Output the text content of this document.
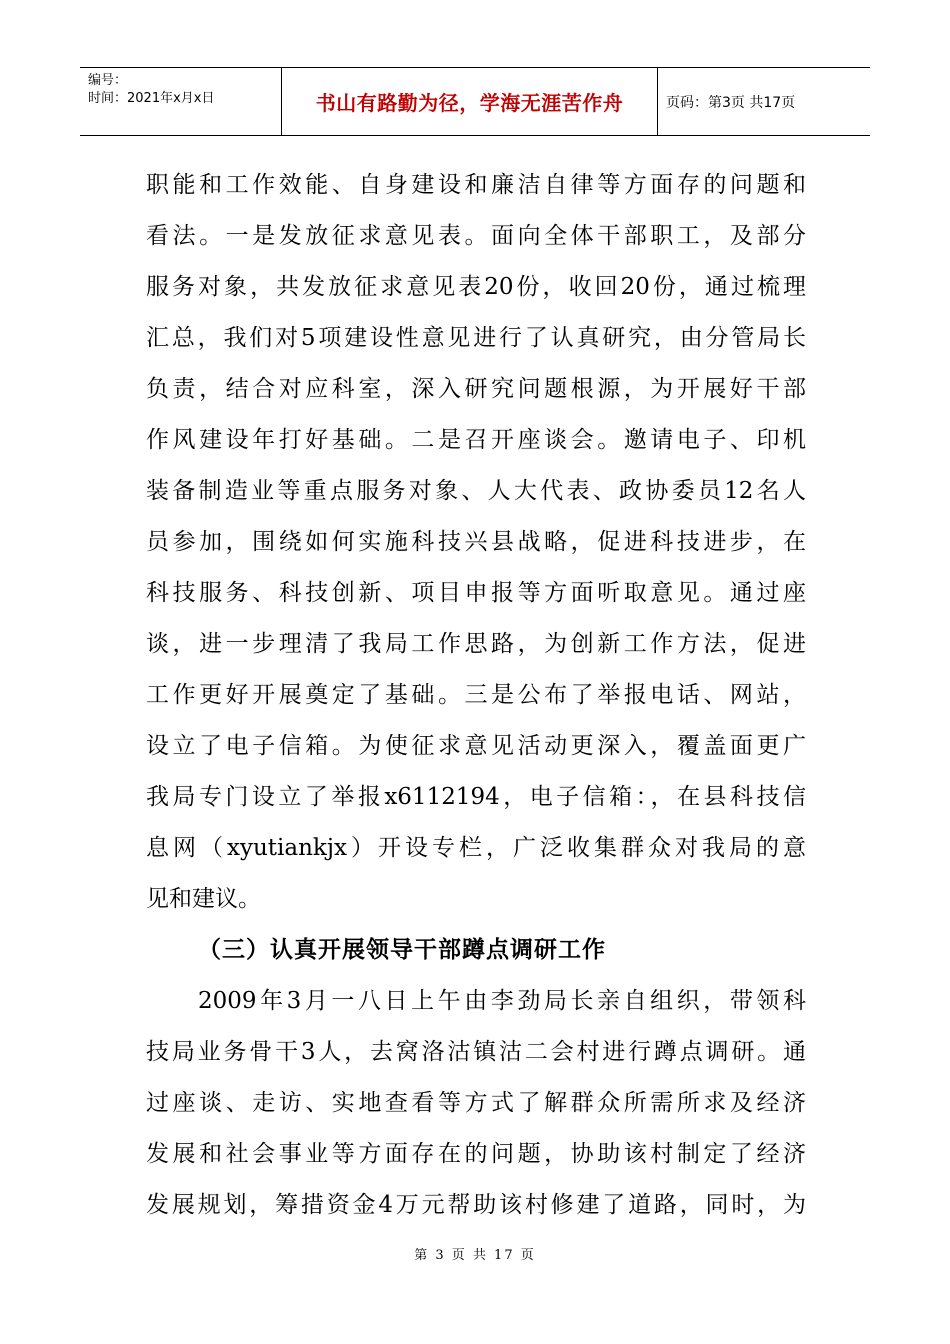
编号：
时间：2021年x月x日	书山有路勤为径，学海无涯苦作舟	页码：第3页 共17页
职能和工作效能、自身建设和廉洁自律等方面存的问题和
看法。一是发放征求意见表。面向全体干部职工，及部分
服务对象，共发放征求意见表20份，收回20份，通过梳理
汇总，我们对5项建设性意见进行了认真研究，由分管局长
负责，结合对应科室，深入研究问题根源，为开展好干部
作风建设年打好基础。二是召开座谈会。邀请电子、印机
装备制造业等重点服务对象、人大代表、政协委员12名人
员参加，围绕如何实施科技兴县战略，促进科技进步，在
科技服务、科技创新、项目申报等方面听取意见。通过座
谈，进一步理清了我局工作思路，为创新工作方法，促进
工作更好开展奠定了基础。三是公布了举报电话、网站，
设立了电子信箱。为使征求意见活动更深入，覆盖面更广
我局专门设立了举报x6112194，电子信箱：，在县科技信
息网（xyutiankjx）开设专栏，广泛收集群众对我局的意
见和建议。
（三）认真开展领导干部蹲点调研工作
2009年3月一八日上午由李劲局长亲自组织，带领科
技局业务骨干3人，去窝洛沽镇沽二会村进行蹲点调研。通
过座谈、走访、实地查看等方式了解群众所需所求及经济
发展和社会事业等方面存在的问题，协助该村制定了经济
发展规划，筹措资金4万元帮助该村修建了道路，同时，为
第 3 页 共 17 页
